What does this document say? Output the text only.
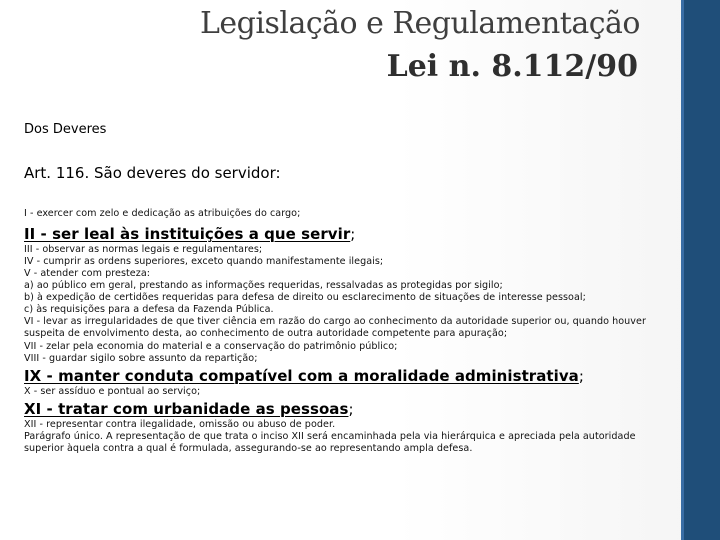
Legislação e Regulamentação
Lei n. 8.112/90
Dos Deveres
Art. 116. São deveres do servidor:
I - exercer com zelo e dedicação as atribuições do cargo;
II - ser leal às instituições a que servir;
III - observar as normas legais e regulamentares;
IV - cumprir as ordens superiores, exceto quando manifestamente ilegais;
V - atender com presteza:
a) ao público em geral, prestando as informações requeridas, ressalvadas as protegidas por sigilo;
b) à expedição de certidões requeridas para defesa de direito ou esclarecimento de situações de interesse pessoal;
c) às requisições para a defesa da Fazenda Pública.
VI - levar as irregularidades de que tiver ciência em razão do cargo ao conhecimento da autoridade superior ou, quando houver suspeita de envolvimento desta, ao conhecimento de outra autoridade competente para apuração;
VII - zelar pela economia do material e a conservação do patrimônio público;
VIII - guardar sigilo sobre assunto da repartição;
IX - manter conduta compatível com a moralidade administrativa;
X - ser assíduo e pontual ao serviço;
XI - tratar com urbanidade as pessoas;
XII - representar contra ilegalidade, omissão ou abuso de poder.
Parágrafo único. A representação de que trata o inciso XII será encaminhada pela via hierárquica e apreciada pela autoridade superior àquela contra a qual é formulada, assegurando-se ao representando ampla defesa.
